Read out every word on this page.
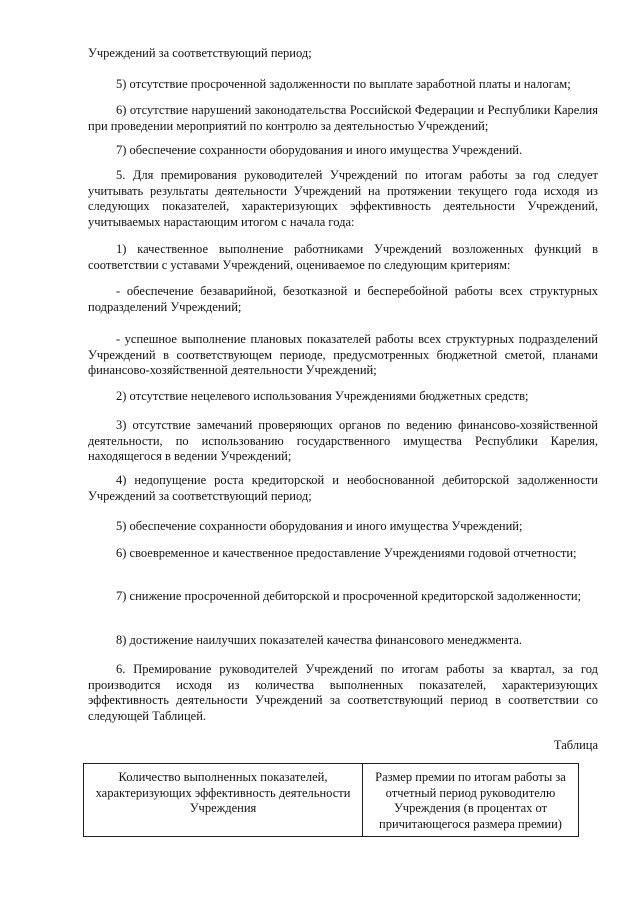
Учреждений за соответствующий период;

5) отсутствие просроченной задолженности по выплате заработной платы и налогам;

6) отсутствие нарушений законодательства Российской Федерации и Республики Карелия при проведении мероприятий по контролю за деятельностью Учреждений;

7) обеспечение сохранности оборудования и иного имущества Учреждений.

5. Для премирования руководителей Учреждений по итогам работы за год следует учитывать результаты деятельности Учреждений на протяжении текущего года исходя из следующих показателей, характеризующих эффективность деятельности Учреждений, учитываемых нарастающим итогом с начала года:

1) качественное выполнение работниками Учреждений возложенных функций в соответствии с уставами Учреждений, оцениваемое по следующим критериям:

- обеспечение безаварийной, безотказной и бесперебойной работы всех структурных подразделений Учреждений;

- успешное выполнение плановых показателей работы всех структурных подразделений Учреждений в соответствующем периоде, предусмотренных бюджетной сметой, планами финансово-хозяйственной деятельности Учреждений;

2) отсутствие нецелевого использования Учреждениями бюджетных средств;

3) отсутствие замечаний проверяющих органов по ведению финансово-хозяйственной деятельности, по использованию государственного имущества Республики Карелия, находящегося в ведении Учреждений;

4) недопущение роста кредиторской и необоснованной дебиторской задолженности Учреждений за соответствующий период;

5) обеспечение сохранности оборудования и иного имущества Учреждений;

6) своевременное и качественное предоставление Учреждениями годовой отчетности;

7) снижение просроченной дебиторской и просроченной кредиторской задолженности;

8) достижение наилучших показателей качества финансового менеджмента.

6. Премирование руководителей Учреждений по итогам работы за квартал, за год производится исходя из количества выполненных показателей, характеризующих эффективность деятельности Учреждений за соответствующий период в соответствии со следующей Таблицей.

Таблица

Количество выполненных показателей, характеризующих эффективность деятельности Учреждения	Размер премии по итогам работы за отчетный период руководителю Учреждения (в процентах от причитающегося размера премии)
